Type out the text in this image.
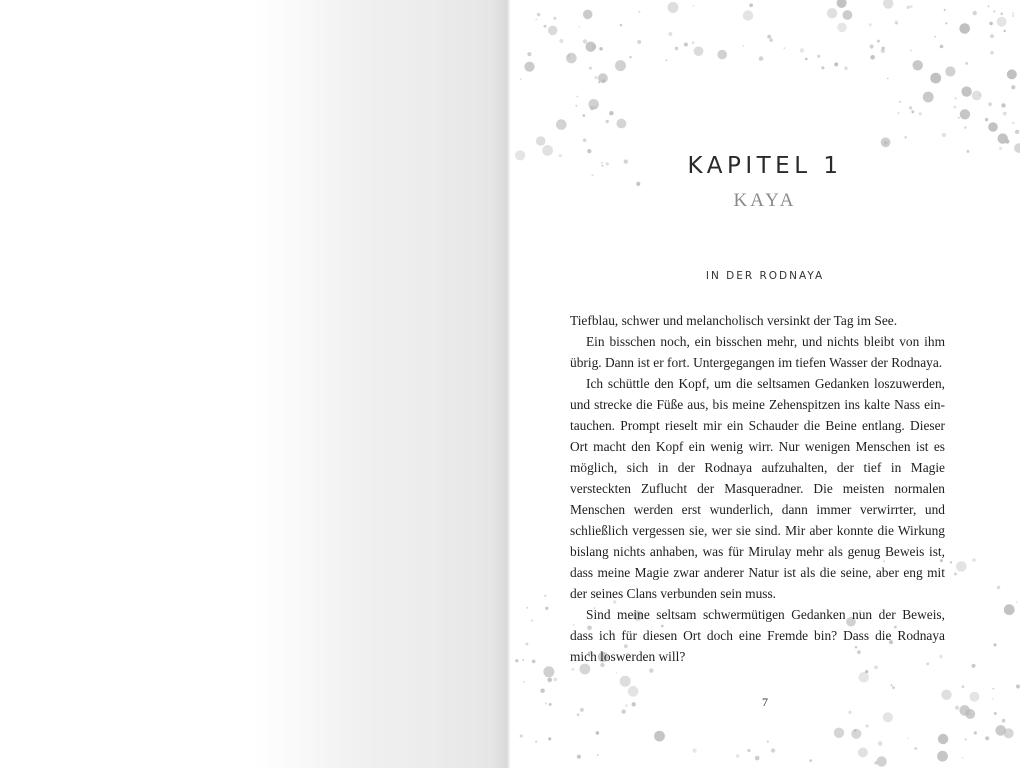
KAPITEL 1
KAYA
IN DER RODNAYA

Tiefblau, schwer und melancholisch versinkt der Tag im See.

Ein bisschen noch, ein bisschen mehr, und nichts bleibt von ihm übrig. Dann ist er fort. Untergegangen im tiefen Wasser der Rodnaya.

Ich schüttle den Kopf, um die seltsamen Gedanken loszuwerden, und strecke die Füße aus, bis meine Zehenspitzen ins kalte Nass eintauchen. Prompt rieselt mir ein Schauder die Beine entlang. Dieser Ort macht den Kopf ein wenig wirr. Nur wenigen Menschen ist es möglich, sich in der Rodnaya aufzuhalten, der tief in Magie versteckten Zuflucht der Masqueradner. Die meisten normalen Menschen werden erst wunderlich, dann immer verwirrter, und schließlich vergessen sie, wer sie sind. Mir aber konnte die Wirkung bislang nichts anhaben, was für Mirulay mehr als genug Beweis ist, dass meine Magie zwar anderer Natur ist als die seine, aber eng mit der seines Clans verbunden sein muss.

Sind meine seltsam schwermütigen Gedanken nun der Beweis, dass ich für diesen Ort doch eine Fremde bin? Dass die Rodnaya mich loswerden will?

7
